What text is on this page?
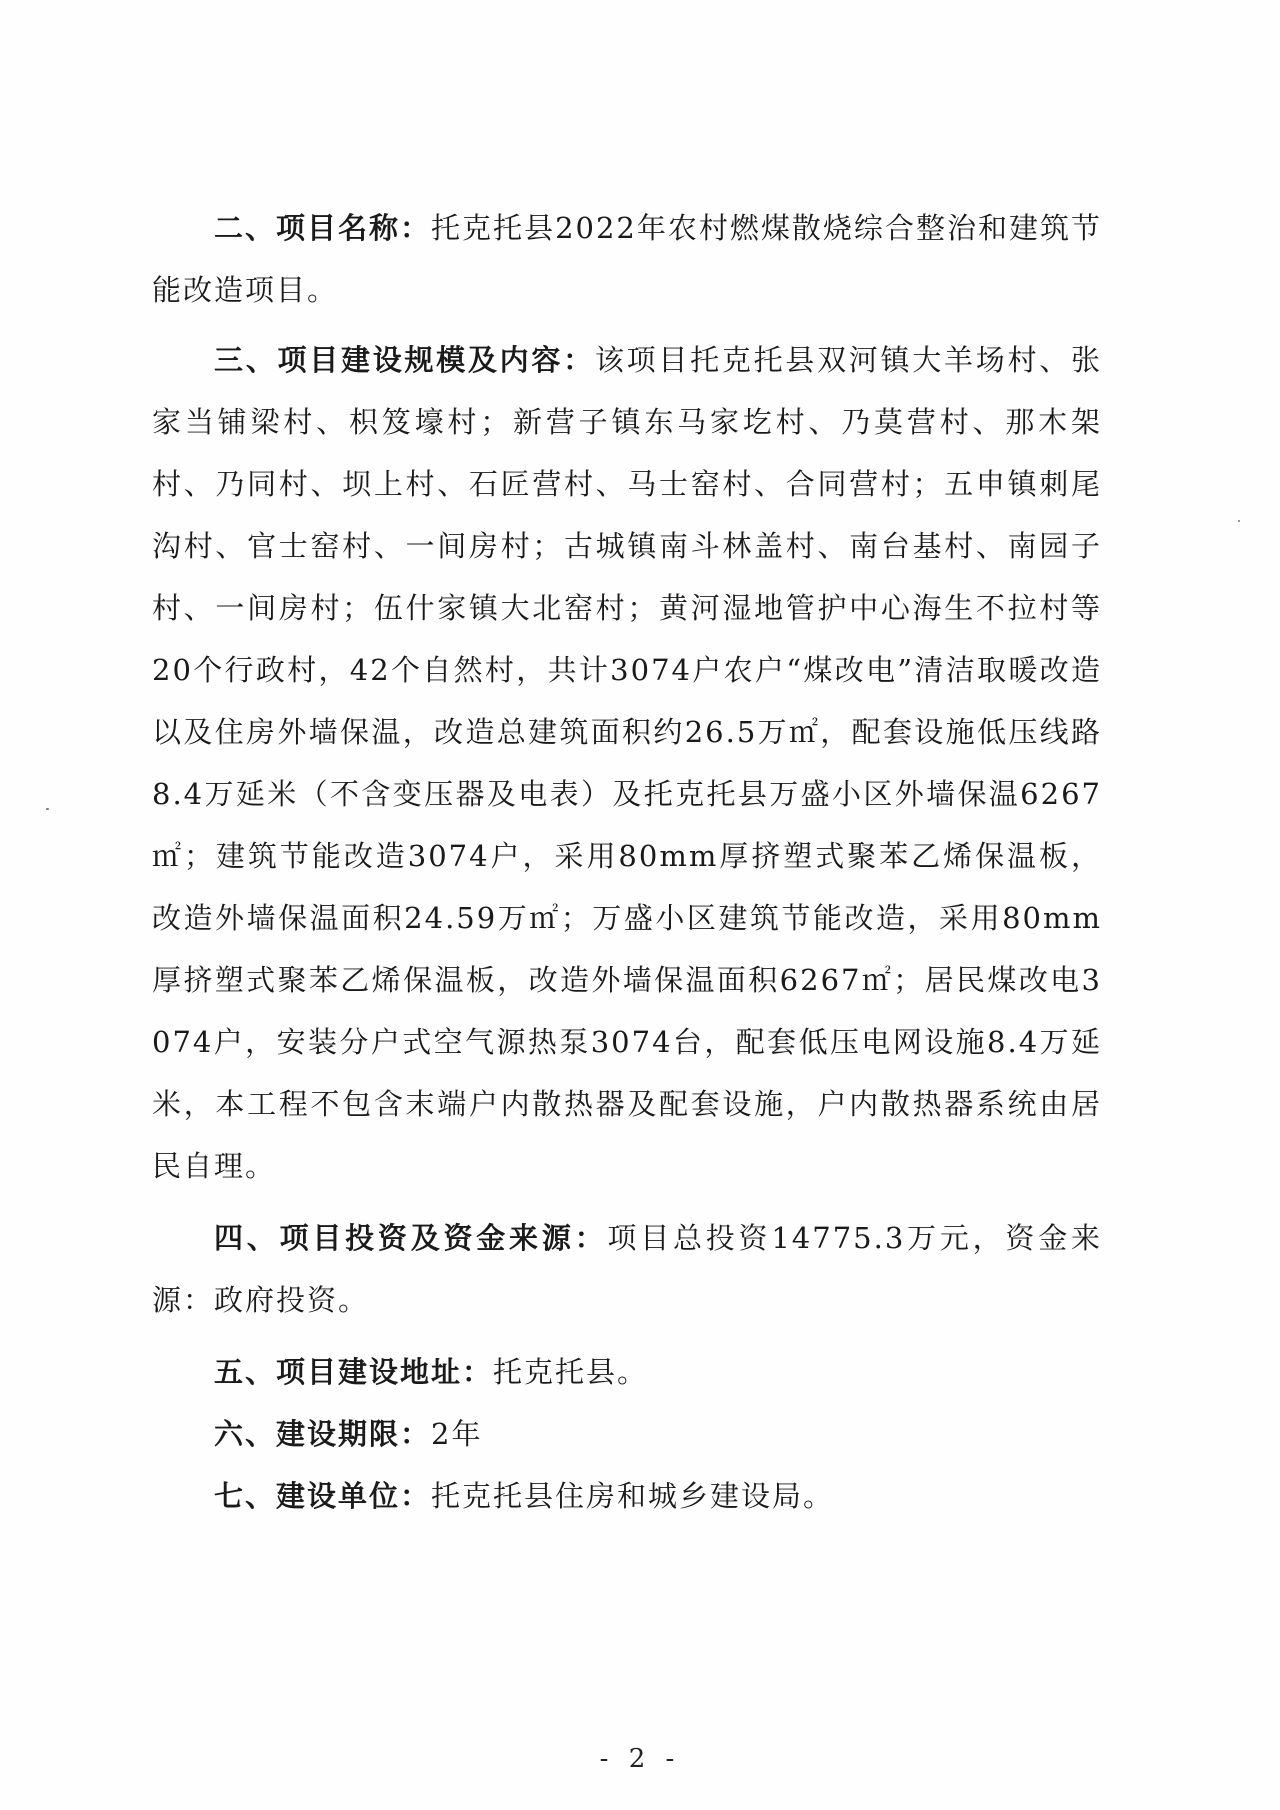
二、项目名称：托克托县2022年农村燃煤散烧综合整治和建筑节能改造项目。

三、项目建设规模及内容：该项目托克托县双河镇大羊场村、张家当铺梁村、枳笈壕村；新营子镇东马家圪村、乃莫营村、那木架村、乃同村、坝上村、石匠营村、马士窑村、合同营村；五申镇刺尾沟村、官士窑村、一间房村；古城镇南斗林盖村、南台基村、南园子村、一间房村；伍什家镇大北窑村；黄河湿地管护中心海生不拉村等20个行政村，42个自然村，共计3074户农户“煤改电”清洁取暖改造以及住房外墙保温，改造总建筑面积约26.5万㎡，配套设施低压线路8.4万延米（不含变压器及电表）及托克托县万盛小区外墙保温6267㎡；建筑节能改造3074户，采用80mm厚挤塑式聚苯乙烯保温板，改造外墙保温面积24.59万㎡；万盛小区建筑节能改造，采用80mm厚挤塑式聚苯乙烯保温板，改造外墙保温面积6267㎡；居民煤改电3074户，安装分户式空气源热泵3074台，配套低压电网设施8.4万延米，本工程不包含末端户内散热器及配套设施，户内散热器系统由居民自理。

四、项目投资及资金来源：项目总投资14775.3万元，资金来源：政府投资。

五、项目建设地址：托克托县。

六、建设期限：2年

七、建设单位：托克托县住房和城乡建设局。

- 2 -
